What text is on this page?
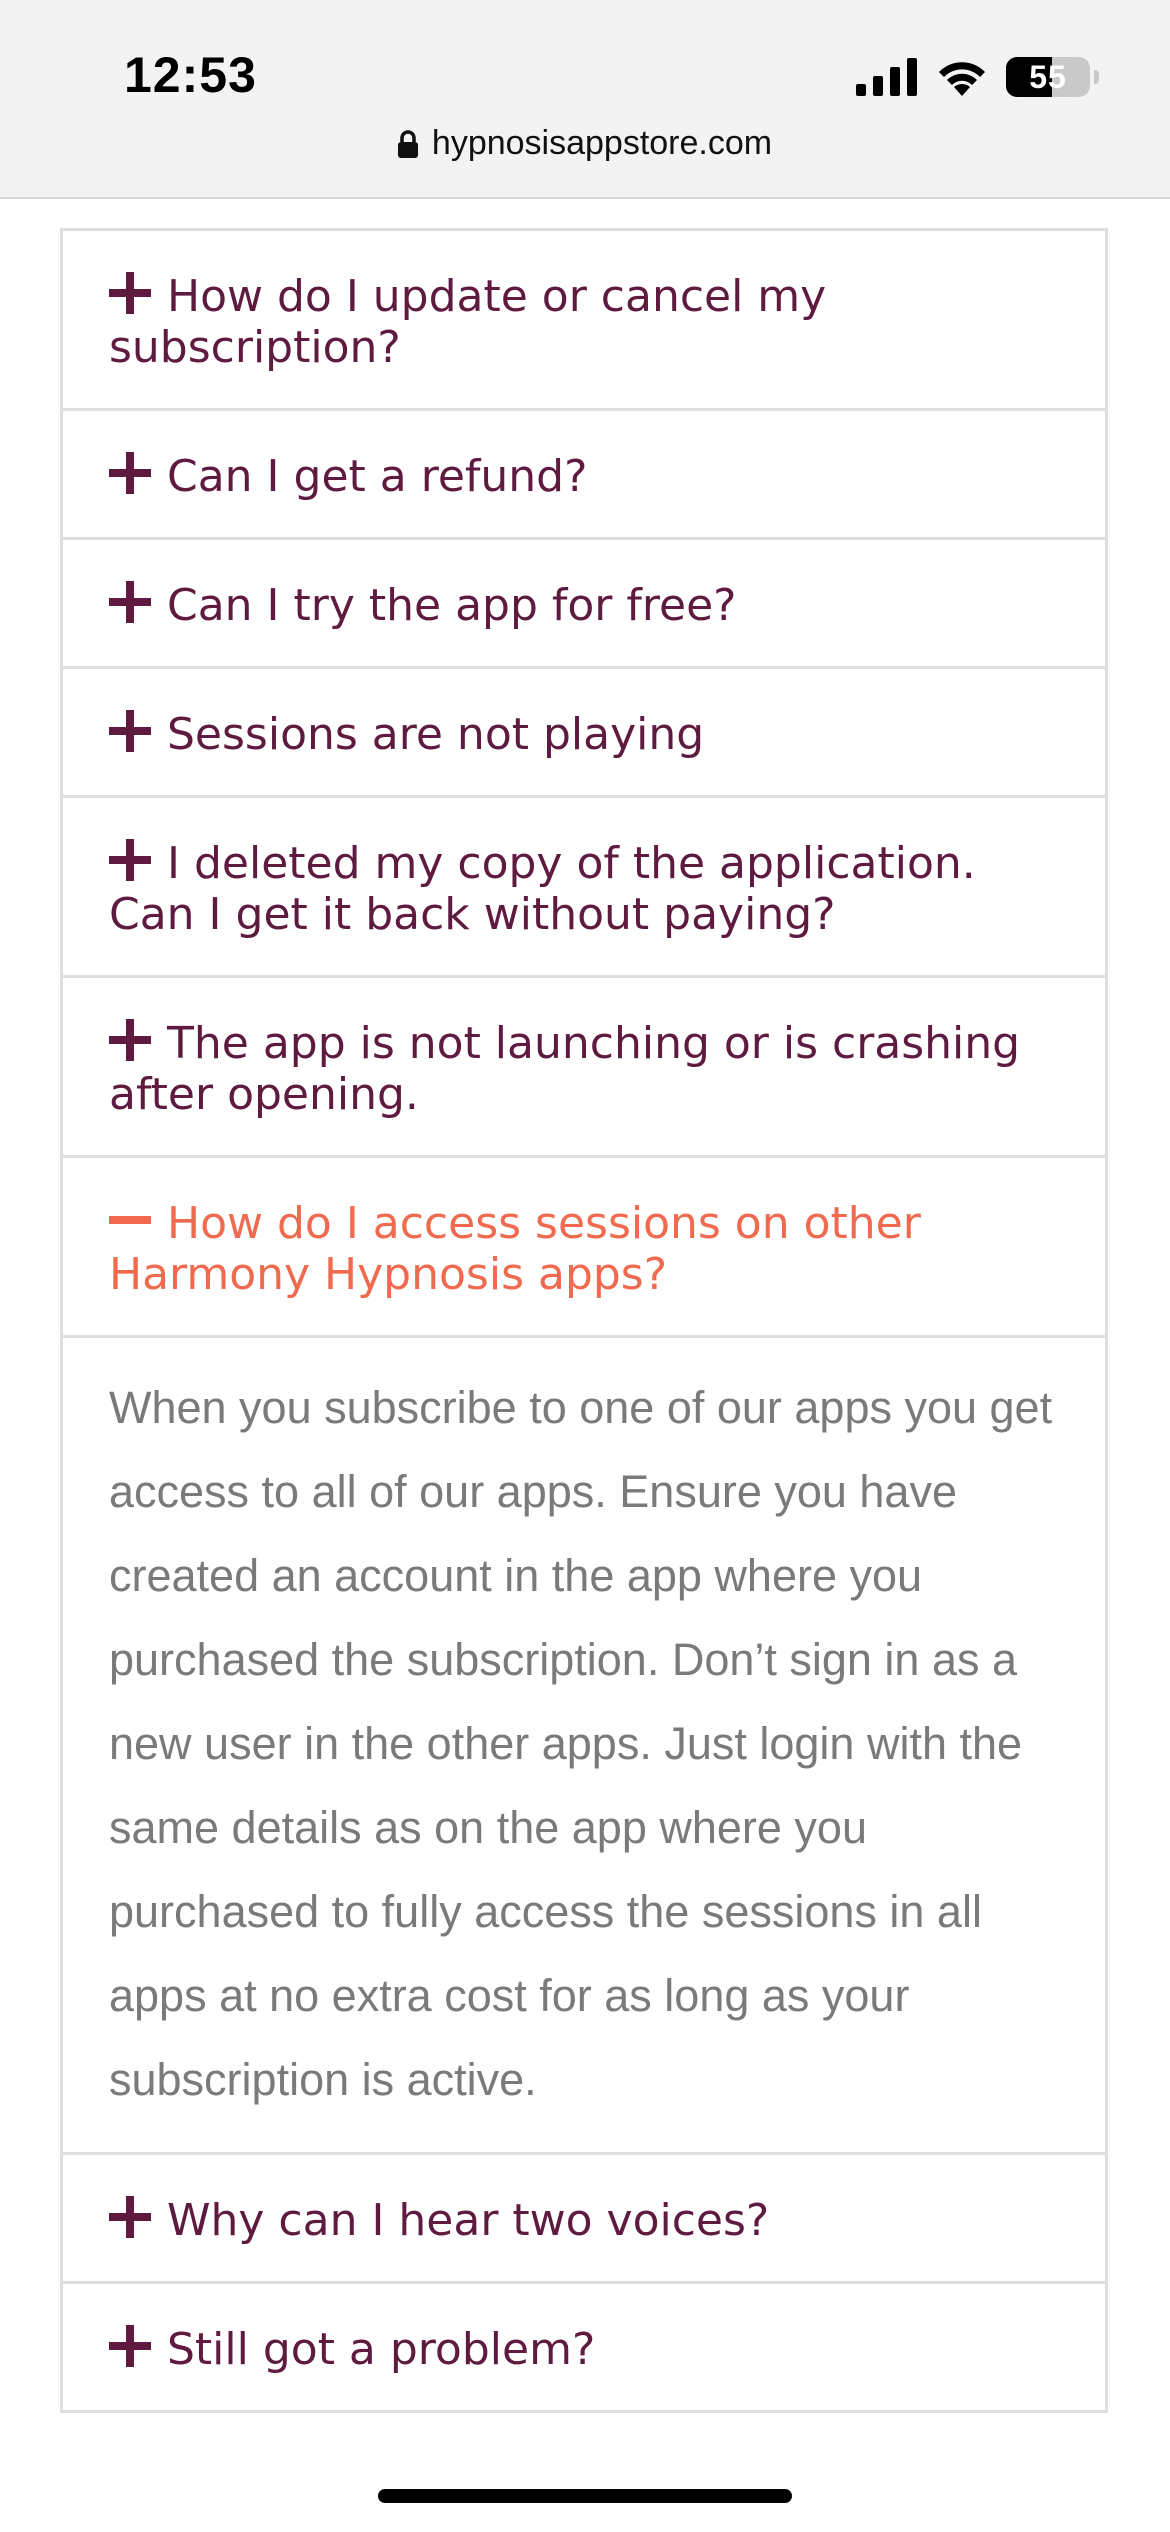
12:53	55
hypnosisappstore.com
How do I update or cancel my subscription?
Can I get a refund?
Can I try the app for free?
Sessions are not playing
I deleted my copy of the application. Can I get it back without paying?
The app is not launching or is crashing after opening.
How do I access sessions on other Harmony Hypnosis apps?
When you subscribe to one of our apps you get access to all of our apps. Ensure you have created an account in the app where you purchased the subscription. Don’t sign in as a new user in the other apps. Just login with the same details as on the app where you purchased to fully access the sessions in all apps at no extra cost for as long as your subscription is active.
Why can I hear two voices?
Still got a problem?
